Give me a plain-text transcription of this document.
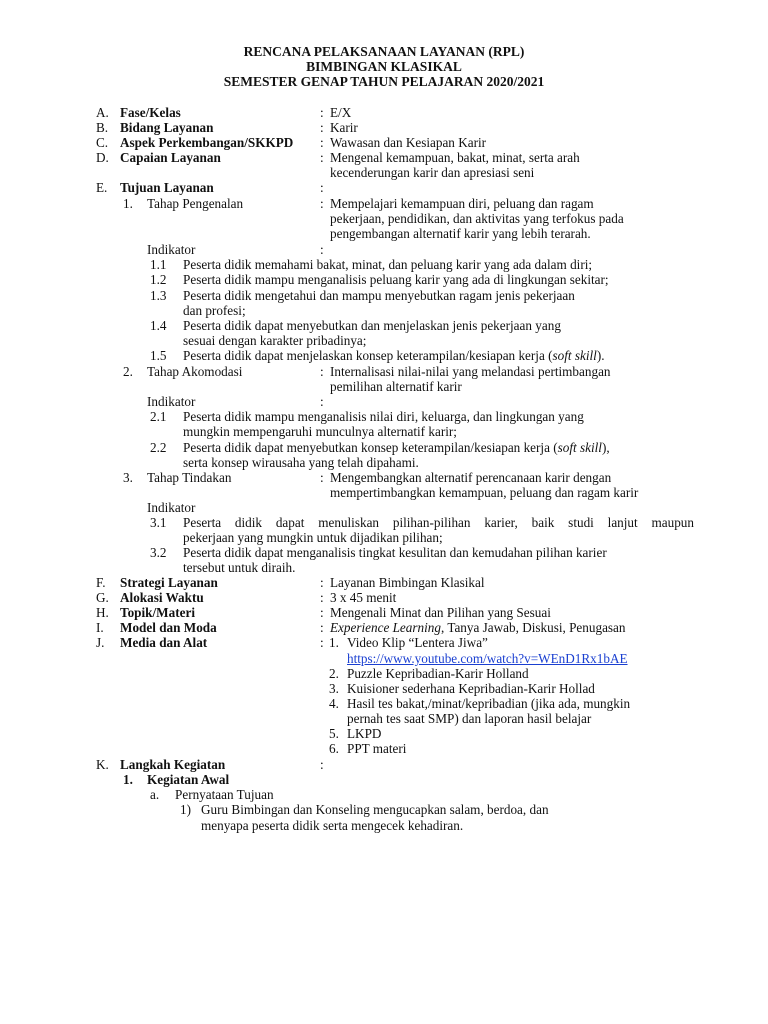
RENCANA PELAKSANAAN LAYANAN (RPL)
BIMBINGAN KLASIKAL
SEMESTER GENAP TAHUN PELAJARAN 2020/2021
A. Fase/Kelas	: E/X
B. Bidang Layanan	: Karir
C. Aspek Perkembangan/SKKPD : Wawasan dan Kesiapan Karir
D. Capaian Layanan	: Mengenal kemampuan, bakat, minat, serta arah
kecenderungan karir dan apresiasi seni
E. Tujuan Layanan	:
1. Tahap Pengenalan	: Mempelajari kemampuan diri, peluang dan ragam
pekerjaan, pendidikan, dan aktivitas yang terfokus pada
pengembangan alternatif karir yang lebih terarah.
Indikator	:
1.1 Peserta didik memahami bakat, minat, dan peluang karir yang ada dalam diri;
1.2 Peserta didik mampu menganalisis peluang karir yang ada di lingkungan sekitar;
1.3 Peserta didik mengetahui dan mampu menyebutkan ragam jenis pekerjaan
dan profesi;
1.4 Peserta didik dapat menyebutkan dan menjelaskan jenis pekerjaan yang
sesuai dengan karakter pribadinya;
1.5 Peserta didik dapat menjelaskan konsep keterampilan/kesiapan kerja (soft skill).
2. Tahap Akomodasi	: Internalisasi nilai-nilai yang melandasi pertimbangan
pemilihan alternatif karir
Indikator	:
2.1 Peserta didik mampu menganalisis nilai diri, keluarga, dan lingkungan yang
mungkin mempengaruhi munculnya alternatif karir;
2.2 Peserta didik dapat menyebutkan konsep keterampilan/kesiapan kerja (soft skill),
serta konsep wirausaha yang telah dipahami.
3. Tahap Tindakan	: Mengembangkan alternatif perencanaan karir dengan
mempertimbangkan kemampuan, peluang dan ragam karir
Indikator
3.1 Peserta didik dapat menuliskan pilihan-pilihan karier, baik studi lanjut maupun
pekerjaan yang mungkin untuk dijadikan pilihan;
3.2 Peserta didik dapat menganalisis tingkat kesulitan dan kemudahan pilihan karier
tersebut untuk diraih.
F. Strategi Layanan	: Layanan Bimbingan Klasikal
G. Alokasi Waktu	: 3 x 45 menit
H. Topik/Materi	: Mengenali Minat dan Pilihan yang Sesuai
I. Model dan Moda	: Experience Learning, Tanya Jawab, Diskusi, Penugasan
J. Media dan Alat	: 1. Video Klip “Lentera Jiwa”
https://www.youtube.com/watch?v=WEnD1Rx1bAE
2. Puzzle Kepribadian-Karir Holland
3. Kuisioner sederhana Kepribadian-Karir Hollad
4. Hasil tes bakat,/minat/kepribadian (jika ada, mungkin
pernah tes saat SMP) dan laporan hasil belajar
5. LKPD
6. PPT materi
K. Langkah Kegiatan	:
1. Kegiatan Awal
a. Pernyataan Tujuan
1) Guru Bimbingan dan Konseling mengucapkan salam, berdoa, dan
menyapa peserta didik serta mengecek kehadiran.
